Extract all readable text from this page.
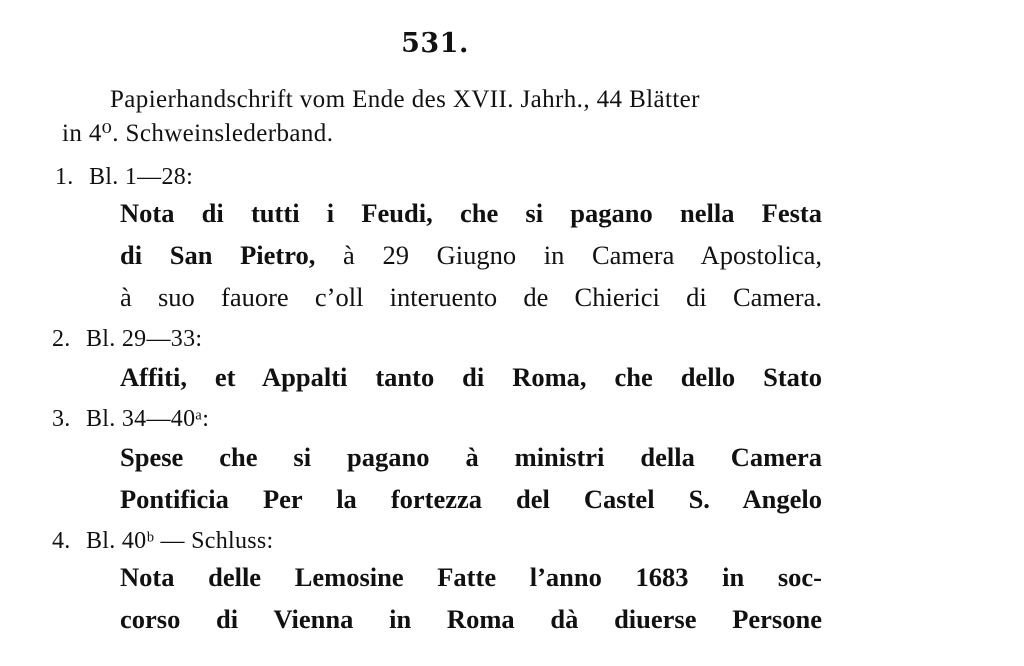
531.
Papierhandschrift vom Ende des XVII. Jahrh., 44 Blätter
in 4⁰. Schweinslederband.
1. Bl. 1—28:
Nota di tutti i Feudi, che si pagano nella Festa
di San Pietro, à 29 Giugno in Camera Apostolica,
à suo fauore c’oll interuento de Chierici di Camera.
2. Bl. 29—33:
Affiti, et Appalti tanto di Roma, che dello Stato
3. Bl. 34—40ᵃ:
Spese che si pagano à ministri della Camera
Pontificia Per la fortezza del Castel S. Angelo
4. Bl. 40ᵇ — Schluss:
Nota delle Lemosine Fatte l’anno 1683 in soc-
corso di Vienna in Roma dà diuerse Persone
